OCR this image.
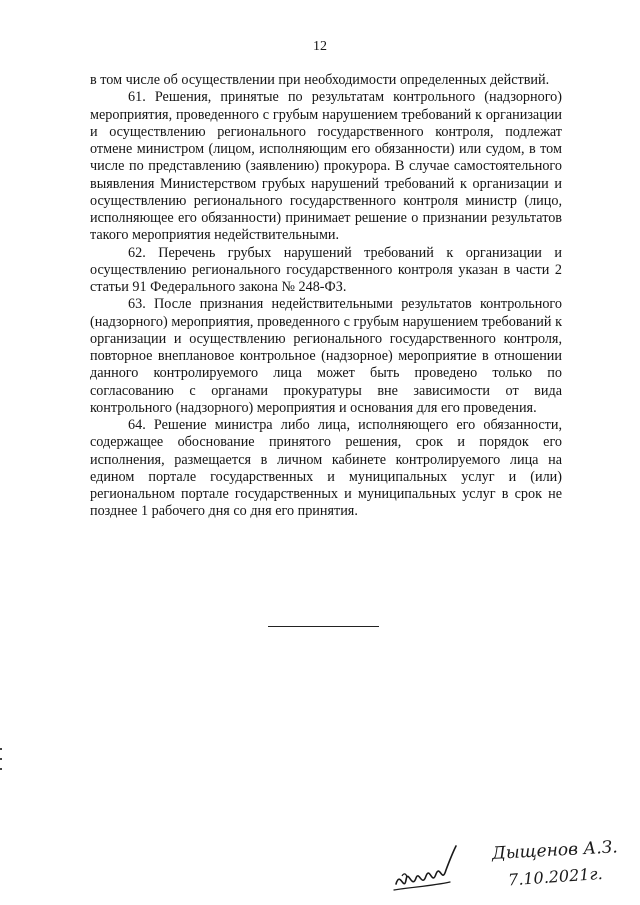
12

в том числе об осуществлении при необходимости определенных действий.

61. Решения, принятые по результатам контрольного (надзорного) мероприятия, проведенного с грубым нарушением требований к организации и осуществлению регионального государственного контроля, подлежат отмене министром (лицом, исполняющим его обязанности) или судом, в том числе по представлению (заявлению) прокурора. В случае самостоятельного выявления Министерством грубых нарушений требований к организации и осуществлению регионального государственного контроля министр (лицо, исполняющее его обязанности) принимает решение о признании результатов такого мероприятия недействительными.

62. Перечень грубых нарушений требований к организации и осуществлению регионального государственного контроля указан в части 2 статьи 91 Федерального закона № 248-ФЗ.

63. После признания недействительными результатов контрольного (надзорного) мероприятия, проведенного с грубым нарушением требований к организации и осуществлению регионального государственного контроля, повторное внеплановое контрольное (надзорное) мероприятие в отношении данного контролируемого лица может быть проведено только по согласованию с органами прокуратуры вне зависимости от вида контрольного (надзорного) мероприятия и основания для его проведения.

64. Решение министра либо лица, исполняющего его обязанности, содержащее обоснование принятого решения, срок и порядок его исполнения, размещается в личном кабинете контролируемого лица на едином портале государственных и муниципальных услуг и (или) региональном портале государственных и муниципальных услуг в срок не позднее 1 рабочего дня со дня его принятия.

Дыщенов А.З.
7.10.2021г.
